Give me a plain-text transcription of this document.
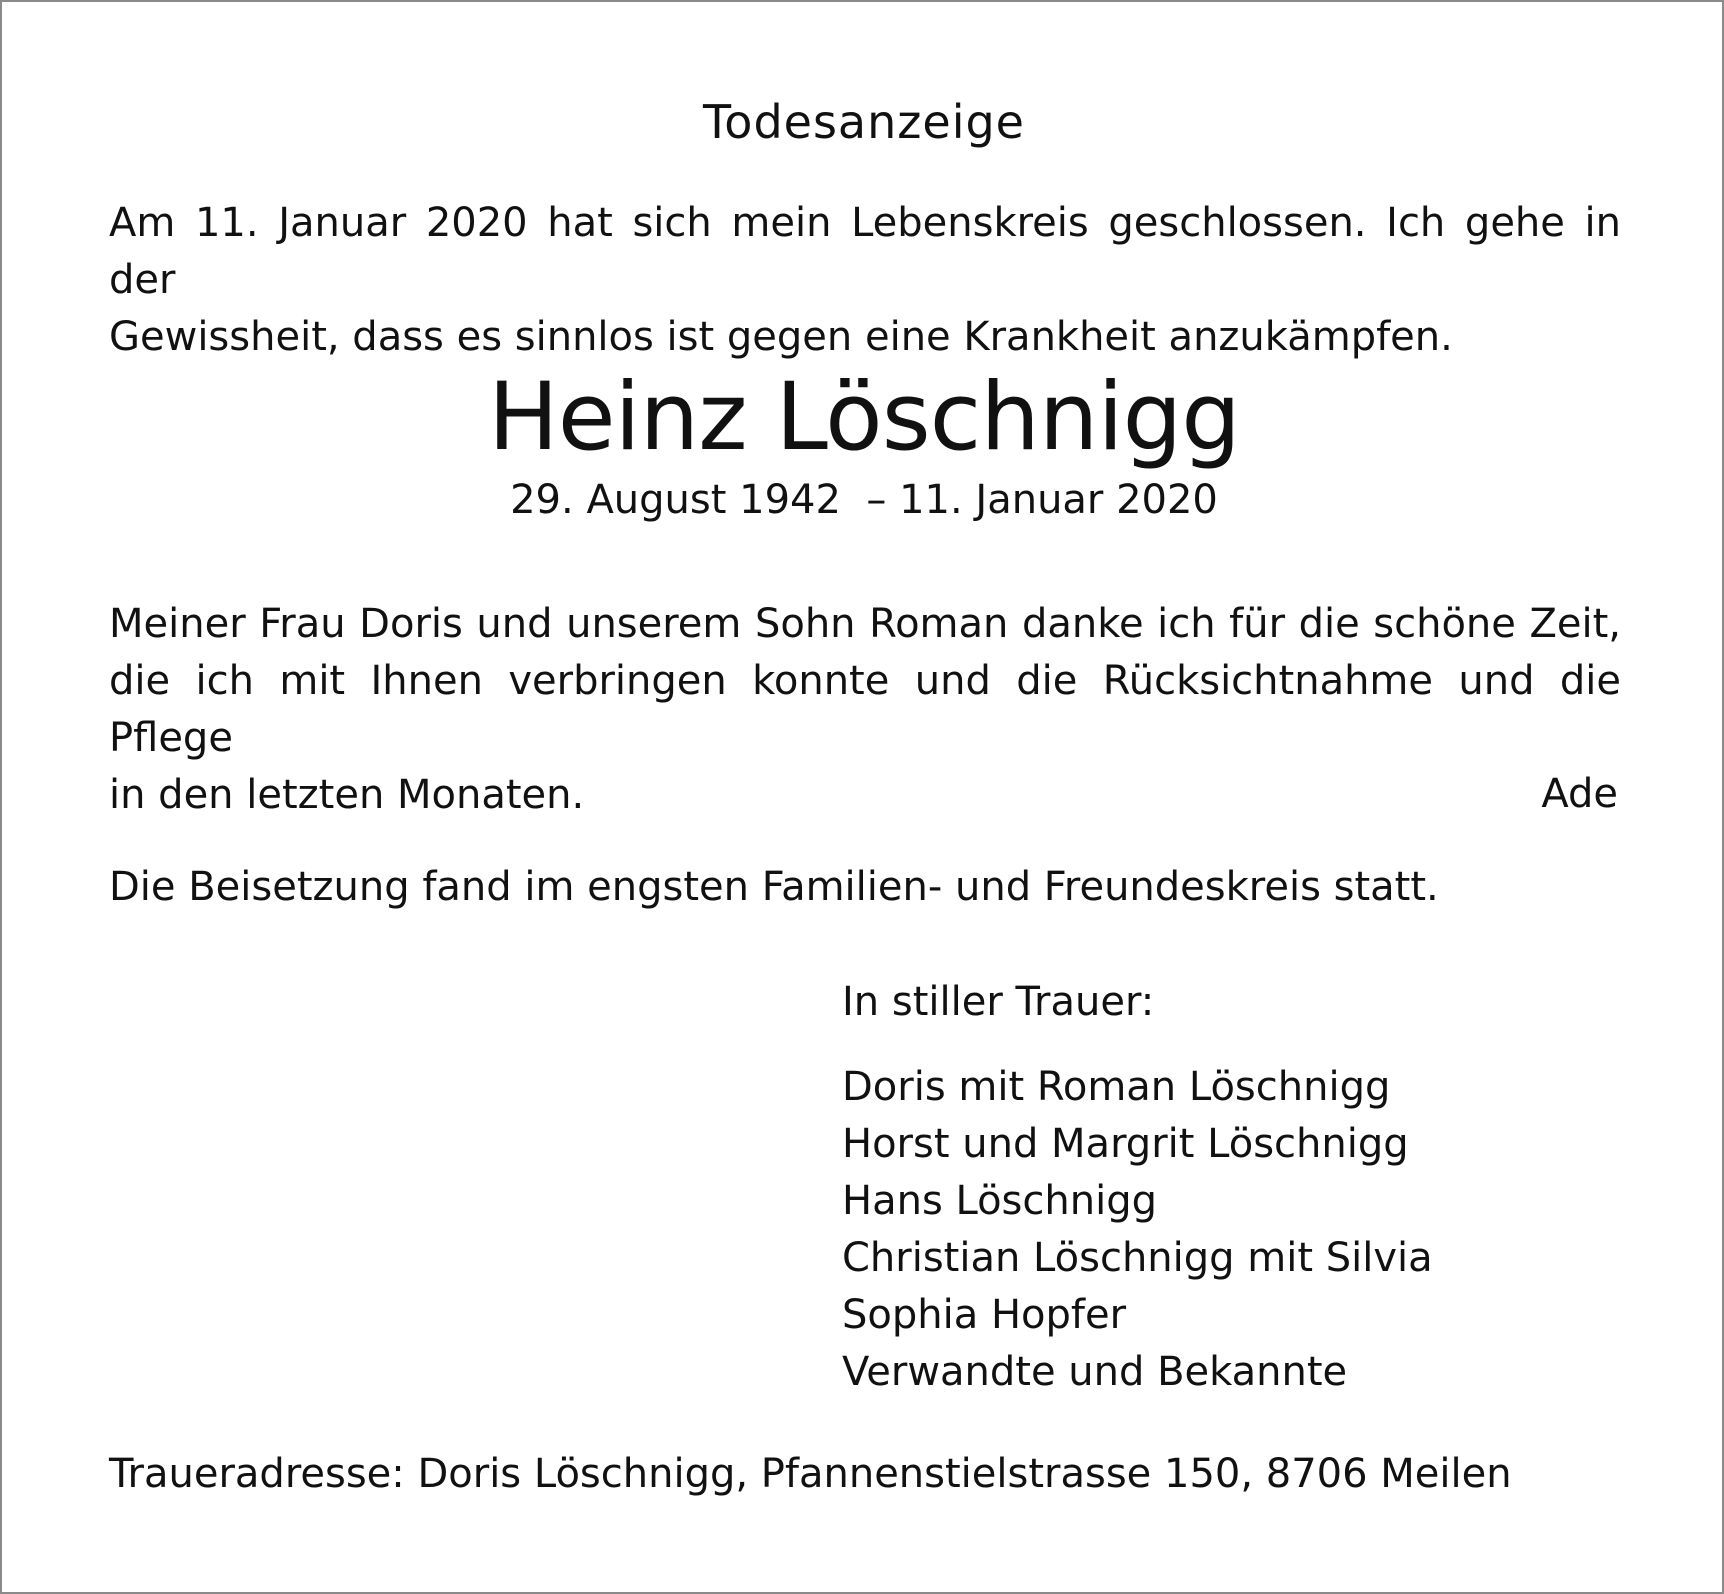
Todesanzeige

Am 11. Januar 2020 hat sich mein Lebenskreis geschlossen. Ich gehe in der
Gewissheit, dass es sinnlos ist gegen eine Krankheit anzukämpfen.

Heinz Löschnigg

29. August 1942  – 11. Januar 2020

Meiner Frau Doris und unserem Sohn Roman danke ich für die schöne Zeit,
die ich mit Ihnen verbringen konnte und die Rücksichtnahme und die Pflege
in den letzten Monaten.	Ade

Die Beisetzung fand im engsten Familien- und Freundeskreis statt.

In stiller Trauer:

Doris mit Roman Löschnigg
Horst und Margrit Löschnigg
Hans Löschnigg
Christian Löschnigg mit Silvia
Sophia Hopfer
Verwandte und Bekannte

Traueradresse: Doris Löschnigg, Pfannenstielstrasse 150, 8706 Meilen
